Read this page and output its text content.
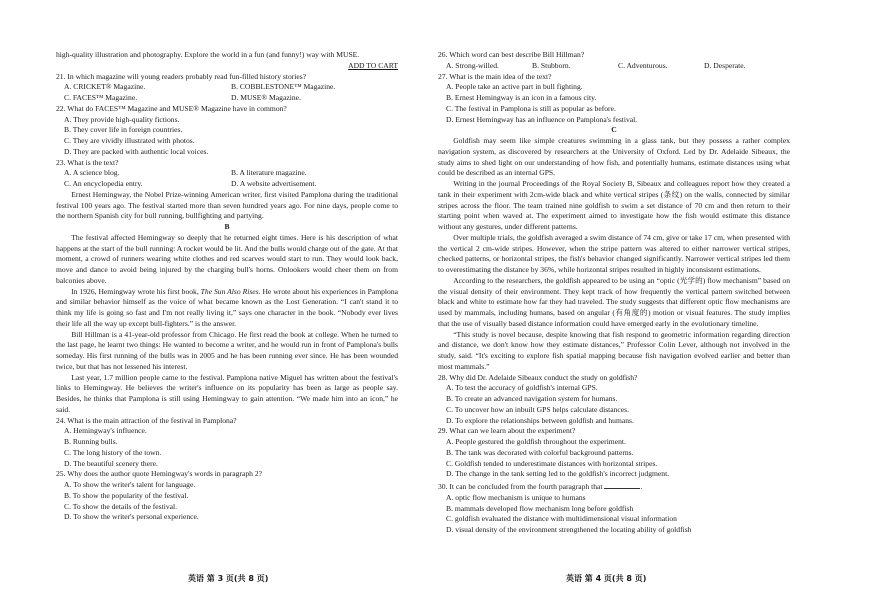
high-quality illustration and photography. Explore the world in a fun (and funny!) way with MUSE.

ADD TO CART

21. In which magazine will young readers probably read fun-filled history stories?

A. CRICKET® Magazine.	B. COBBLESTONE™ Magazine.
C. FACES™ Magazine.	D. MUSE® Magazine.

22. What do FACES™ Magazine and MUSE® Magazine have in common?

A. They provide high-quality fictions.

B. They cover life in foreign countries.

C. They are vividly illustrated with photos.

D. They are packed with authentic local voices.

23. What is the text?

A. A science blog.	B. A literature magazine.
C. An encyclopedia entry.	D. A website advertisement.

Ernest Hemingway, the Nobel Prize-winning American writer, first visited Pamplona during the traditional festival 100 years ago. The festival started more than seven hundred years ago. For nine days, people come to the northern Spanish city for bull running, bullfighting and partying.

B

The festival affected Hemingway so deeply that he returned eight times. Here is his description of what happens at the start of the bull running: A rocket would be lit. And the bulls would charge out of the gate. At that moment, a crowd of runners wearing white clothes and red scarves would start to run. They would look back, move and dance to avoid being injured by the charging bull's horns. Onlookers would cheer them on from balconies above.

In 1926, Hemingway wrote his first book, The Sun Also Rises. He wrote about his experiences in Pamplona and similar behavior himself as the voice of what became known as the Lost Generation. “I can't stand it to think my life is going so fast and I'm not really living it,” says one character in the book. “Nobody ever lives their life all the way up except bull-fighters.” is the answer.

Bill Hillman is a 41-year-old professor from Chicago. He first read the book at college. When he turned to the last page, he learnt two things: He wanted to become a writer, and he would run in front of Pamplona's bulls someday. His first running of the bulls was in 2005 and he has been running ever since. He has been wounded twice, but that has not lessened his interest.

Last year, 1.7 million people came to the festival. Pamplona native Miguel has written about the festival's links to Hemingway. He believes the writer's influence on its popularity has been as large as people say. Besides, he thinks that Pamplona is still using Hemingway to gain attention. “We made him into an icon,” he said.

24. What is the main attraction of the festival in Pamplona?

A. Hemingway's influence.

B. Running bulls.

C. The long history of the town.

D. The beautiful scenery there.

25. Why does the author quote Hemingway's words in paragraph 2?

A. To show the writer's talent for language.

B. To show the popularity of the festival.

C. To show the details of the festival.

D. To show the writer's personal experience.

26. Which word can best describe Bill Hillman?

A. Strong-willed.	B. Stubborn.	C. Adventurous.	D. Desperate.

27. What is the main idea of the text?

A. People take an active part in bull fighting.

B. Ernest Hemingway is an icon in a famous city.

C. The festival in Pamplona is still as popular as before.

D. Ernest Hemingway has an influence on Pamplona's festival.

C

Goldfish may seem like simple creatures swimming in a glass tank, but they possess a rather complex navigation system, as discovered by researchers at the University of Oxford. Led by Dr. Adelaide Sibeaux, the study aims to shed light on our understanding of how fish, and potentially humans, estimate distances using what could be described as an internal GPS.

Writing in the journal Proceedings of the Royal Society B, Sibeaux and colleagues report how they created a tank in their experiment with 2cm-wide black and white vertical stripes (条纹) on the walls, connected by similar stripes across the floor. The team trained nine goldfish to swim a set distance of 70 cm and then return to their starting point when waved at. The experiment aimed to investigate how the fish would estimate this distance without any gestures, under different patterns.

Over multiple trials, the goldfish averaged a swim distance of 74 cm, give or take 17 cm, when presented with the vertical 2 cm-wide stripes. However, when the stripe pattern was altered to either narrower vertical stripes, checked patterns, or horizontal stripes, the fish's behavior changed significantly. Narrower vertical stripes led them to overestimating the distance by 36%, while horizontal stripes resulted in highly inconsistent estimations.

According to the researchers, the goldfish appeared to be using an “optic (光学的) flow mechanism” based on the visual density of their environment. They kept track of how frequently the vertical pattern switched between black and white to estimate how far they had traveled. The study suggests that different optic flow mechanisms are used by mammals, including humans, based on angular (有角度的) motion or visual features. The study implies that the use of visually based distance information could have emerged early in the evolutionary timeline.

“This study is novel because, despite knowing that fish respond to geometric information regarding direction and distance, we don't know how they estimate distances,” Professor Colin Lever, although not involved in the study, said. “It's exciting to explore fish spatial mapping because fish navigation evolved earlier and better than most mammals.”

28. Why did Dr. Adelaide Sibeaux conduct the study on goldfish?

A. To test the accuracy of goldfish's internal GPS.

B. To create an advanced navigation system for humans.

C. To uncover how an inbuilt GPS helps calculate distances.

D. To explore the relationships between goldfish and humans.

29. What can we learn about the experiment?

A. People gestured the goldfish throughout the experiment.

B. The tank was decorated with colorful background patterns.

C. Goldfish tended to underestimate distances with horizontal stripes.

D. The change in the tank setting led to the goldfish's incorrect judgment.

30. It can be concluded from the fourth paragraph that	.

A. optic flow mechanism is unique to humans

B. mammals developed flow mechanism long before goldfish

C. goldfish evaluated the distance with multidimensional visual information

D. visual density of the environment strengthened the locating ability of goldfish

英语 第 3 页(共 8 页)	英语 第 4 页(共 8 页)
